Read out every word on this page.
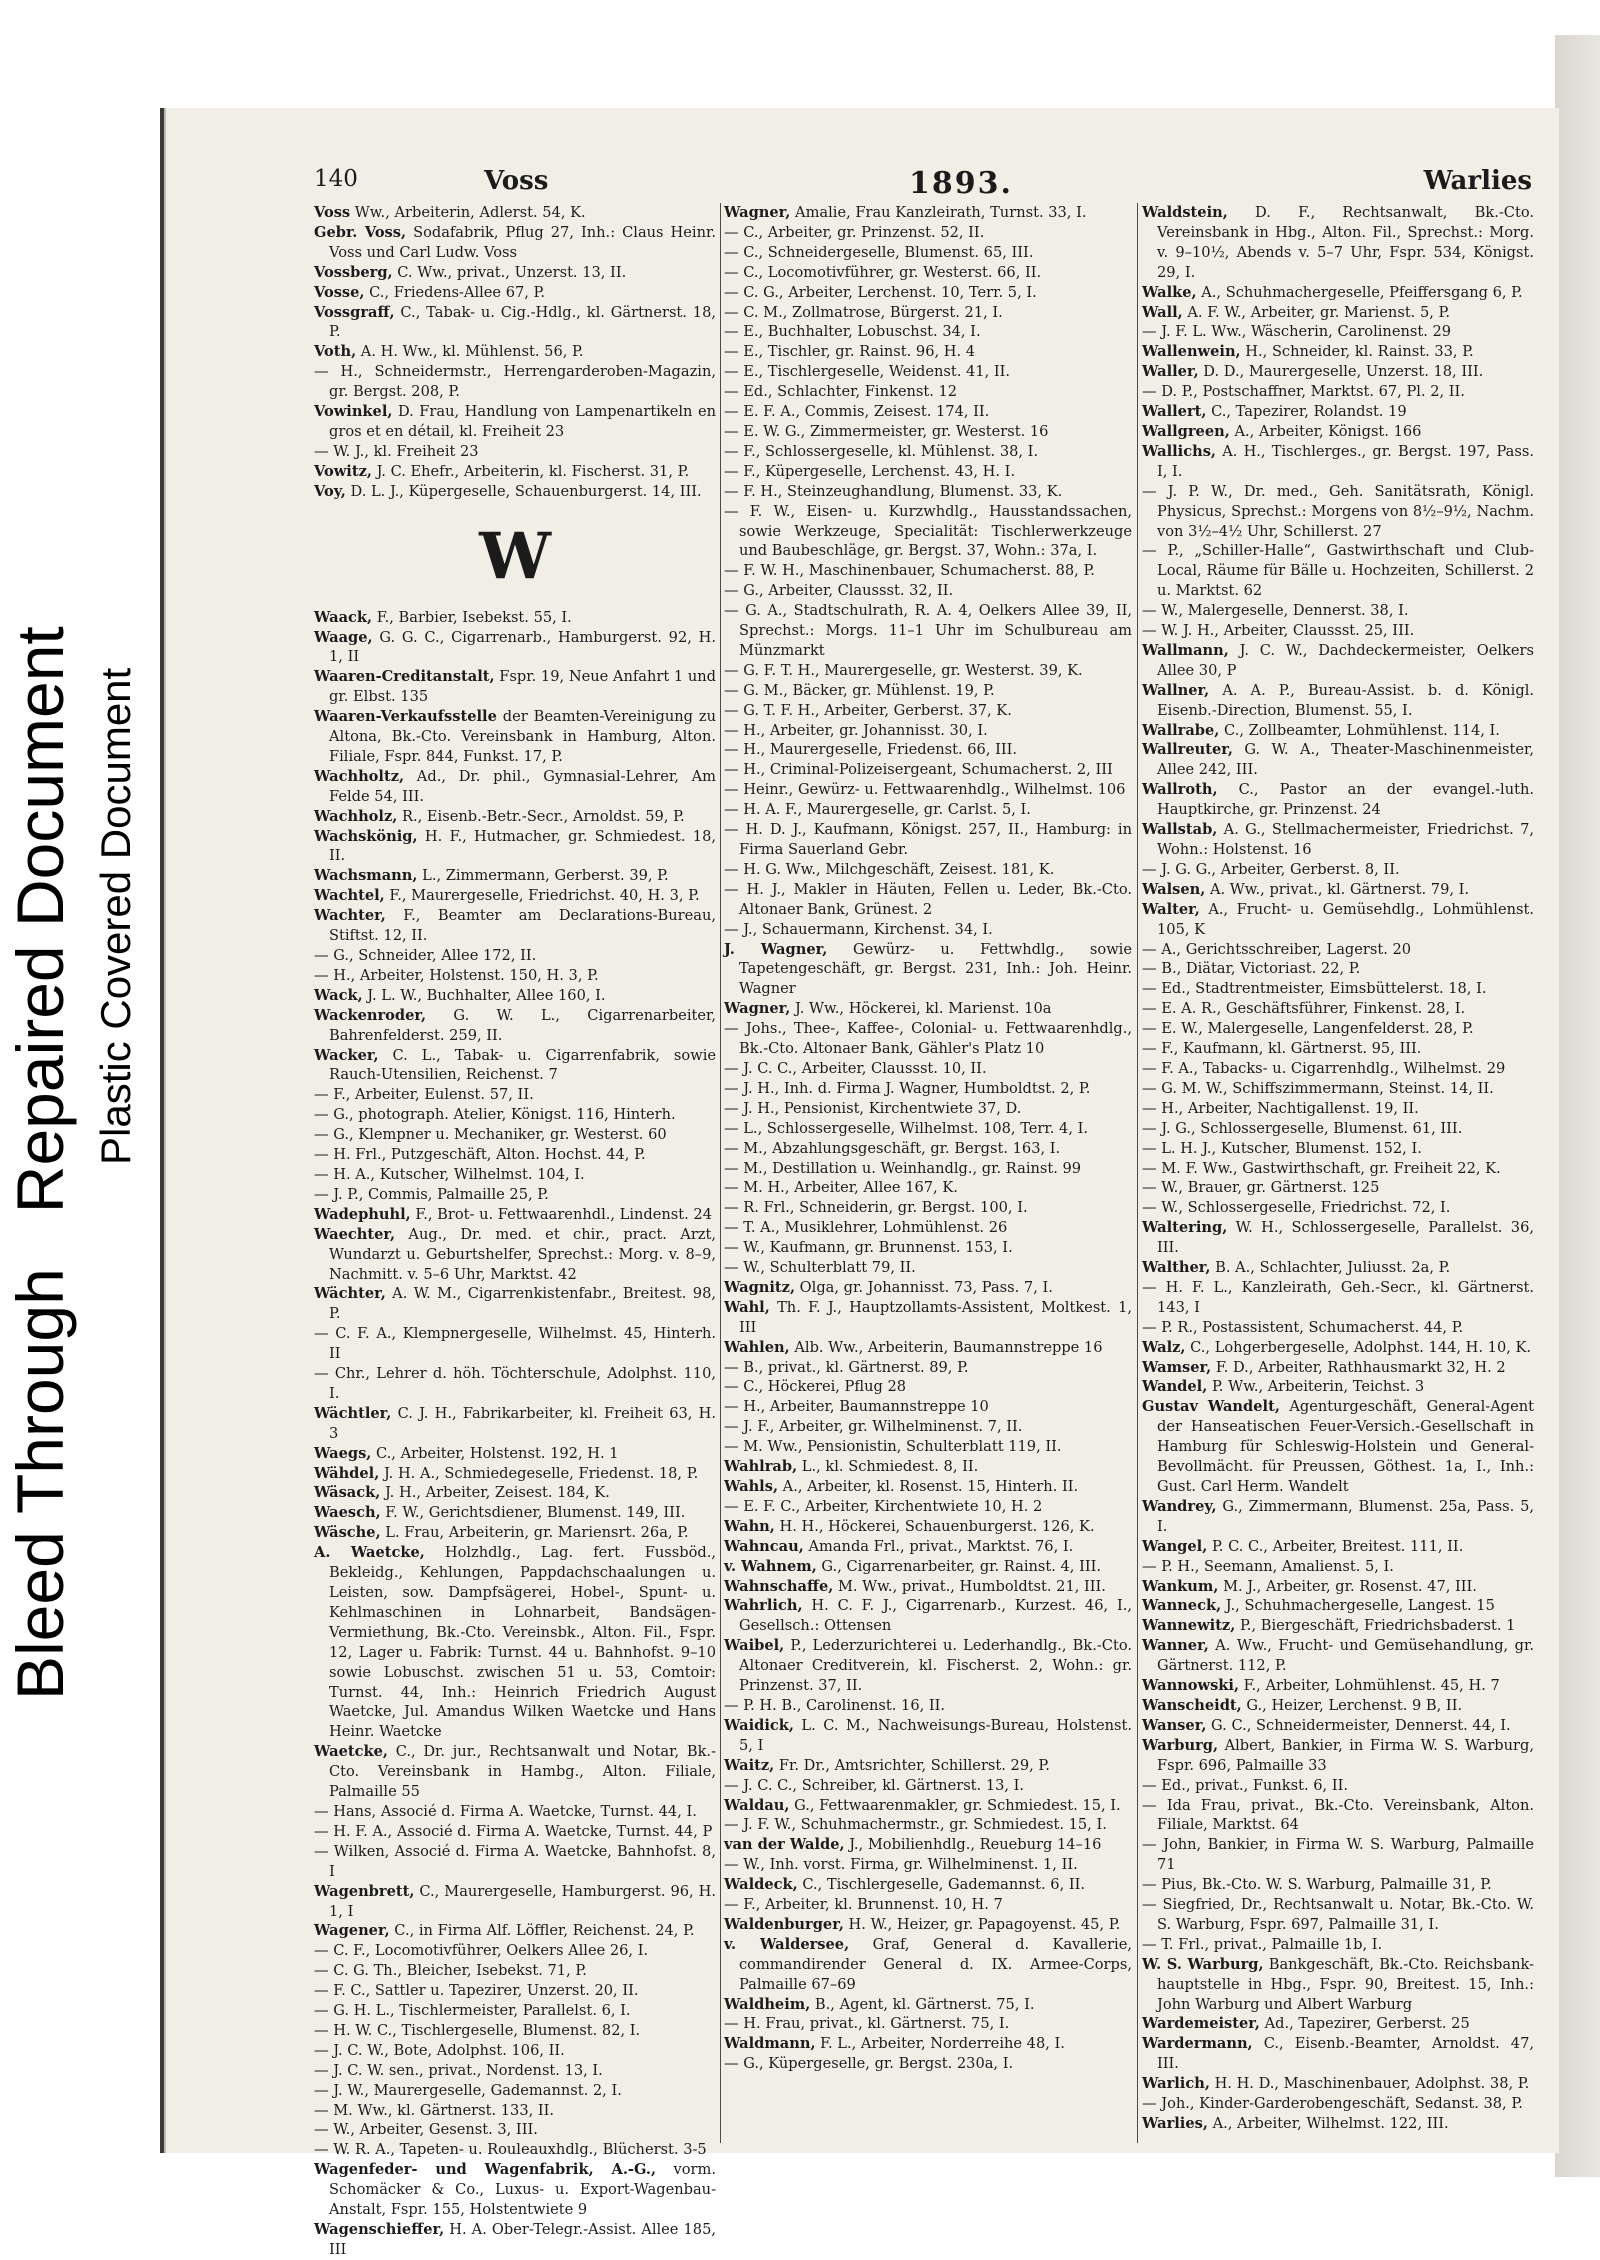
Bleed Through   Repaired Document Plastic Covered Document
140	Voss	1893.	Warlies
Voss Ww., Arbeiterin, Adlerst. 54, K.
Gebr. Voss, Sodafabrik, Pflug 27, Inh.: Claus Heinr. Voss und Carl Ludw. Voss
Vossberg, C. Ww., privat., Unzerst. 13, II.
Vosse, C., Friedens-Allee 67, P.
Vossgraff, C., Tabak- u. Cig.-Hdlg., kl. Gärtnerst. 18, P.
Voth, A. H. Ww., kl. Mühlenst. 56, P.
— H., Schneidermstr., Herrengarderoben-Magazin, gr. Bergst. 208, P.
Vowinkel, D. Frau, Handlung von Lampenartikeln en gros et en détail, kl. Freiheit 23
— W. J., kl. Freiheit 23
Vowitz, J. C. Ehefr., Arbeiterin, kl. Fischerst. 31, P.
Voy, D. L. J., Küpergeselle, Schauenburgerst. 14, III.
W
Waack, F., Barbier, Isebekst. 55, I.
Waage, G. G. C., Cigarrenarb., Hamburgerst. 92, H. 1, II
Waaren-Creditanstalt, Fspr. 19, Neue Anfahrt 1 und gr. Elbst. 135
Waaren-Verkaufsstelle der Beamten-Vereinigung zu Altona, Bk.-Cto. Vereinsbank in Hamburg, Alton. Filiale, Fspr. 844, Funkst. 17, P.
Wachholtz, Ad., Dr. phil., Gymnasial-Lehrer, Am Felde 54, III.
Wachholz, R., Eisenb.-Betr.-Secr., Arnoldst. 59, P.
Wachskönig, H. F., Hutmacher, gr. Schmiedest. 18, II.
Wachsmann, L., Zimmermann, Gerberst. 39, P.
Wachtel, F., Maurergeselle, Friedrichst. 40, H. 3, P.
Wachter, F., Beamter am Declarations-Bureau, Stiftst. 12, II.
— G., Schneider, Allee 172, II.
— H., Arbeiter, Holstenst. 150, H. 3, P.
Wack, J. L. W., Buchhalter, Allee 160, I.
Wackenroder, G. W. L., Cigarrenarbeiter, Bahrenfelderst. 259, II.
Wacker, C. L., Tabak- u. Cigarrenfabrik, sowie Rauch-Utensilien, Reichenst. 7
— F., Arbeiter, Eulenst. 57, II.
— G., photograph. Atelier, Königst. 116, Hinterh.
— G., Klempner u. Mechaniker, gr. Westerst. 60
— H. Frl., Putzgeschäft, Alton. Hochst. 44, P.
— H. A., Kutscher, Wilhelmst. 104, I.
— J. P., Commis, Palmaille 25, P.
Wadephuhl, F., Brot- u. Fettwaarenhdl., Lindenst. 24
Waechter, Aug., Dr. med. et chir., pract. Arzt, Wundarzt u. Geburtshelfer, Sprechst.: Morg. v. 8–9, Nachmitt. v. 5–6 Uhr, Marktst. 42
Wächter, A. W. M., Cigarrenkistenfabr., Breitest. 98, P.
— C. F. A., Klempnergeselle, Wilhelmst. 45, Hinterh. II
— Chr., Lehrer d. höh. Töchterschule, Adolphst. 110, I.
Wächtler, C. J. H., Fabrikarbeiter, kl. Freiheit 63, H. 3
Waegs, C., Arbeiter, Holstenst. 192, H. 1
Wähdel, J. H. A., Schmiedegeselle, Friedenst. 18, P.
Wäsack, J. H., Arbeiter, Zeisest. 184, K.
Waesch, F. W., Gerichtsdiener, Blumenst. 149, III.
Wäsche, L. Frau, Arbeiterin, gr. Mariensrt. 26a, P.
A. Waetcke, Holzhdlg., Lag. fert. Fussböd., Bekleidg., Kehlungen, Pappdachschaalungen u. Leisten, sow. Dampfsägerei, Hobel-, Spunt- u. Kehlmaschinen in Lohnarbeit, Bandsägen-Vermiethung, Bk.-Cto. Vereinsbk., Alton. Fil., Fspr. 12, Lager u. Fabrik: Turnst. 44 u. Bahnhofst. 9–10 sowie Lobuschst. zwischen 51 u. 53, Comtoir: Turnst. 44, Inh.: Heinrich Friedrich August Waetcke, Jul. Amandus Wilken Waetcke und Hans Heinr. Waetcke
Waetcke, C., Dr. jur., Rechtsanwalt und Notar, Bk.-Cto. Vereinsbank in Hambg., Alton. Filiale, Palmaille 55
— Hans, Associé d. Firma A. Waetcke, Turnst. 44, I.
— H. F. A., Associé d. Firma A. Waetcke, Turnst. 44, P
— Wilken, Associé d. Firma A. Waetcke, Bahnhofst. 8, I
Wagenbrett, C., Maurergeselle, Hamburgerst. 96, H. 1, I
Wagener, C., in Firma Alf. Löffler, Reichenst. 24, P.
— C. F., Locomotivführer, Oelkers Allee 26, I.
— C. G. Th., Bleicher, Isebekst. 71, P.
— F. C., Sattler u. Tapezirer, Unzerst. 20, II.
— G. H. L., Tischlermeister, Parallelst. 6, I.
— H. W. C., Tischlergeselle, Blumenst. 82, I.
— J. C. W., Bote, Adolphst. 106, II.
— J. C. W. sen., privat., Nordenst. 13, I.
— J. W., Maurergeselle, Gademannst. 2, I.
— M. Ww., kl. Gärtnerst. 133, II.
— W., Arbeiter, Gesenst. 3, III.
— W. R. A., Tapeten- u. Rouleauxhdlg., Blücherst. 3-5
Wagenfeder- und Wagenfabrik, A.-G., vorm. Schomäcker & Co., Luxus- u. Export-Wagenbau-Anstalt, Fspr. 155, Holstentwiete 9
Wagenschieffer, H. A. Ober-Telegr.-Assist. Allee 185, III
Wagner, Amalie, Frau Kanzleirath, Turnst. 33, I.
— C., Arbeiter, gr. Prinzenst. 52, II.
— C., Schneidergeselle, Blumenst. 65, III.
— C., Locomotivführer, gr. Westerst. 66, II.
— C. G., Arbeiter, Lerchenst. 10, Terr. 5, I.
— C. M., Zollmatrose, Bürgerst. 21, I.
— E., Buchhalter, Lobuschst. 34, I.
— E., Tischler, gr. Rainst. 96, H. 4
— E., Tischlergeselle, Weidenst. 41, II.
— Ed., Schlachter, Finkenst. 12
— E. F. A., Commis, Zeisest. 174, II.
— E. W. G., Zimmermeister, gr. Westerst. 16
— F., Schlossergeselle, kl. Mühlenst. 38, I.
— F., Küpergeselle, Lerchenst. 43, H. I.
— F. H., Steinzeughandlung, Blumenst. 33, K.
— F. W., Eisen- u. Kurzwhdlg., Hausstandssachen, sowie Werkzeuge, Specialität: Tischlerwerkzeuge und Baubeschläge, gr. Bergst. 37, Wohn.: 37a, I.
— F. W. H., Maschinenbauer, Schumacherst. 88, P.
— G., Arbeiter, Claussst. 32, II.
— G. A., Stadtschulrath, R. A. 4, Oelkers Allee 39, II, Sprechst.: Morgs. 11–1 Uhr im Schulbureau am Münzmarkt
— G. F. T. H., Maurergeselle, gr. Westerst. 39, K.
— G. M., Bäcker, gr. Mühlenst. 19, P.
— G. T. F. H., Arbeiter, Gerberst. 37, K.
— H., Arbeiter, gr. Johannisst. 30, I.
— H., Maurergeselle, Friedenst. 66, III.
— H., Criminal-Polizeisergeant, Schumacherst. 2, III
— Heinr., Gewürz- u. Fettwaarenhdlg., Wilhelmst. 106
— H. A. F., Maurergeselle, gr. Carlst. 5, I.
— H. D. J., Kaufmann, Königst. 257, II., Hamburg: in Firma Sauerland Gebr.
— H. G. Ww., Milchgeschäft, Zeisest. 181, K.
— H. J., Makler in Häuten, Fellen u. Leder, Bk.-Cto. Altonaer Bank, Grünest. 2
— J., Schauermann, Kirchenst. 34, I.
J. Wagner, Gewürz- u. Fettwhdlg., sowie Tapetengeschäft, gr. Bergst. 231, Inh.: Joh. Heinr. Wagner
Wagner, J. Ww., Höckerei, kl. Marienst. 10a
— Johs., Thee-, Kaffee-, Colonial- u. Fettwaarenhdlg., Bk.-Cto. Altonaer Bank, Gähler's Platz 10
— J. C. C., Arbeiter, Claussst. 10, II.
— J. H., Inh. d. Firma J. Wagner, Humboldtst. 2, P.
— J. H., Pensionist, Kirchentwiete 37, D.
— L., Schlossergeselle, Wilhelmst. 108, Terr. 4, I.
— M., Abzahlungsgeschäft, gr. Bergst. 163, I.
— M., Destillation u. Weinhandlg., gr. Rainst. 99
— M. H., Arbeiter, Allee 167, K.
— R. Frl., Schneiderin, gr. Bergst. 100, I.
— T. A., Musiklehrer, Lohmühlenst. 26
— W., Kaufmann, gr. Brunnenst. 153, I.
— W., Schulterblatt 79, II.
Wagnitz, Olga, gr. Johannisst. 73, Pass. 7, I.
Wahl, Th. F. J., Hauptzollamts-Assistent, Moltkest. 1, III
Wahlen, Alb. Ww., Arbeiterin, Baumannstreppe 16
— B., privat., kl. Gärtnerst. 89, P.
— C., Höckerei, Pflug 28
— H., Arbeiter, Baumannstreppe 10
— J. F., Arbeiter, gr. Wilhelminenst. 7, II.
— M. Ww., Pensionistin, Schulterblatt 119, II.
Wahlrab, L., kl. Schmiedest. 8, II.
Wahls, A., Arbeiter, kl. Rosenst. 15, Hinterh. II.
— E. F. C., Arbeiter, Kirchentwiete 10, H. 2
Wahn, H. H., Höckerei, Schauenburgerst. 126, K.
Wahncau, Amanda Frl., privat., Marktst. 76, I.
v. Wahnem, G., Cigarrenarbeiter, gr. Rainst. 4, III.
Wahnschaffe, M. Ww., privat., Humboldtst. 21, III.
Wahrlich, H. C. F. J., Cigarrenarb., Kurzest. 46, I., Gesellsch.: Ottensen
Waibel, P., Lederzurichterei u. Lederhandlg., Bk.-Cto. Altonaer Creditverein, kl. Fischerst. 2, Wohn.: gr. Prinzenst. 37, II.
— P. H. B., Carolinenst. 16, II.
Waidick, L. C. M., Nachweisungs-Bureau, Holstenst. 5, I
Waitz, Fr. Dr., Amtsrichter, Schillerst. 29, P.
— J. C. C., Schreiber, kl. Gärtnerst. 13, I.
Waldau, G., Fettwaarenmakler, gr. Schmiedest. 15, I.
— J. F. W., Schuhmachermstr., gr. Schmiedest. 15, I.
van der Walde, J., Mobilienhdlg., Reueburg 14–16
— W., Inh. vorst. Firma, gr. Wilhelminenst. 1, II.
Waldeck, C., Tischlergeselle, Gademannst. 6, II.
— F., Arbeiter, kl. Brunnenst. 10, H. 7
Waldenburger, H. W., Heizer, gr. Papagoyenst. 45, P.
v. Waldersee, Graf, General d. Kavallerie, commandirender General d. IX. Armee-Corps, Palmaille 67–69
Waldheim, B., Agent, kl. Gärtnerst. 75, I.
— H. Frau, privat., kl. Gärtnerst. 75, I.
Waldmann, F. L., Arbeiter, Norderreihe 48, I.
— G., Küpergeselle, gr. Bergst. 230a, I.
Waldstein, D. F., Rechtsanwalt, Bk.-Cto. Vereinsbank in Hbg., Alton. Fil., Sprechst.: Morg. v. 9–10½, Abends v. 5–7 Uhr, Fspr. 534, Königst. 29, I.
Walke, A., Schuhmachergeselle, Pfeiffersgang 6, P.
Wall, A. F. W., Arbeiter, gr. Marienst. 5, P.
— J. F. L. Ww., Wäscherin, Carolinenst. 29
Wallenwein, H., Schneider, kl. Rainst. 33, P.
Waller, D. D., Maurergeselle, Unzerst. 18, III.
— D. P., Postschaffner, Marktst. 67, Pl. 2, II.
Wallert, C., Tapezirer, Rolandst. 19
Wallgreen, A., Arbeiter, Königst. 166
Wallichs, A. H., Tischlerges., gr. Bergst. 197, Pass. I, I.
— J. P. W., Dr. med., Geh. Sanitätsrath, Königl. Physicus, Sprechst.: Morgens von 8½–9½, Nachm. von 3½–4½ Uhr, Schillerst. 27
— P., „Schiller-Halle“, Gastwirthschaft und Club-Local, Räume für Bälle u. Hochzeiten, Schillerst. 2 u. Marktst. 62
— W., Malergeselle, Dennerst. 38, I.
— W. J. H., Arbeiter, Claussst. 25, III.
Wallmann, J. C. W., Dachdeckermeister, Oelkers Allee 30, P
Wallner, A. A. P., Bureau-Assist. b. d. Königl. Eisenb.-Direction, Blumenst. 55, I.
Wallrabe, C., Zollbeamter, Lohmühlenst. 114, I.
Wallreuter, G. W. A., Theater-Maschinenmeister, Allee 242, III.
Wallroth, C., Pastor an der evangel.-luth. Hauptkirche, gr. Prinzenst. 24
Wallstab, A. G., Stellmachermeister, Friedrichst. 7, Wohn.: Holstenst. 16
— J. G. G., Arbeiter, Gerberst. 8, II.
Walsen, A. Ww., privat., kl. Gärtnerst. 79, I.
Walter, A., Frucht- u. Gemüsehdlg., Lohmühlenst. 105, K
— A., Gerichtsschreiber, Lagerst. 20
— B., Diätar, Victoriast. 22, P.
— Ed., Stadtrentmeister, Eimsbüttelerst. 18, I.
— E. A. R., Geschäftsführer, Finkenst. 28, I.
— E. W., Malergeselle, Langenfelderst. 28, P.
— F., Kaufmann, kl. Gärtnerst. 95, III.
— F. A., Tabacks- u. Cigarrenhdlg., Wilhelmst. 29
— G. M. W., Schiffszimmermann, Steinst. 14, II.
— H., Arbeiter, Nachtigallenst. 19, II.
— J. G., Schlossergeselle, Blumenst. 61, III.
— L. H. J., Kutscher, Blumenst. 152, I.
— M. F. Ww., Gastwirthschaft, gr. Freiheit 22, K.
— W., Brauer, gr. Gärtnerst. 125
— W., Schlossergeselle, Friedrichst. 72, I.
Waltering, W. H., Schlossergeselle, Parallelst. 36, III.
Walther, B. A., Schlachter, Juliusst. 2a, P.
— H. F. L., Kanzleirath, Geh.-Secr., kl. Gärtnerst. 143, I
— P. R., Postassistent, Schumacherst. 44, P.
Walz, C., Lohgerbergeselle, Adolphst. 144, H. 10, K.
Wamser, F. D., Arbeiter, Rathhausmarkt 32, H. 2
Wandel, P. Ww., Arbeiterin, Teichst. 3
Gustav Wandelt, Agenturgeschäft, General-Agent der Hanseatischen Feuer-Versich.-Gesellschaft in Hamburg für Schleswig-Holstein und General-Bevollmächt. für Preussen, Göthest. 1a, I., Inh.: Gust. Carl Herm. Wandelt
Wandrey, G., Zimmermann, Blumenst. 25a, Pass. 5, I.
Wangel, P. C. C., Arbeiter, Breitest. 111, II.
— P. H., Seemann, Amalienst. 5, I.
Wankum, M. J., Arbeiter, gr. Rosenst. 47, III.
Wanneck, J., Schuhmachergeselle, Langest. 15
Wannewitz, P., Biergeschäft, Friedrichsbaderst. 1
Wanner, A. Ww., Frucht- und Gemüsehandlung, gr. Gärtnerst. 112, P.
Wannowski, F., Arbeiter, Lohmühlenst. 45, H. 7
Wanscheidt, G., Heizer, Lerchenst. 9 B, II.
Wanser, G. C., Schneidermeister, Dennerst. 44, I.
Warburg, Albert, Bankier, in Firma W. S. Warburg, Fspr. 696, Palmaille 33
— Ed., privat., Funkst. 6, II.
— Ida Frau, privat., Bk.-Cto. Vereinsbank, Alton. Filiale, Marktst. 64
— John, Bankier, in Firma W. S. Warburg, Palmaille 71
— Pius, Bk.-Cto. W. S. Warburg, Palmaille 31, P.
— Siegfried, Dr., Rechtsanwalt u. Notar, Bk.-Cto. W. S. Warburg, Fspr. 697, Palmaille 31, I.
— T. Frl., privat., Palmaille 1b, I.
W. S. Warburg, Bankgeschäft, Bk.-Cto. Reichsbank-hauptstelle in Hbg., Fspr. 90, Breitest. 15, Inh.: John Warburg und Albert Warburg
Wardemeister, Ad., Tapezirer, Gerberst. 25
Wardermann, C., Eisenb.-Beamter, Arnoldst. 47, III.
Warlich, H. H. D., Maschinenbauer, Adolphst. 38, P.
— Joh., Kinder-Garderobengeschäft, Sedanst. 38, P.
Warlies, A., Arbeiter, Wilhelmst. 122, III.
